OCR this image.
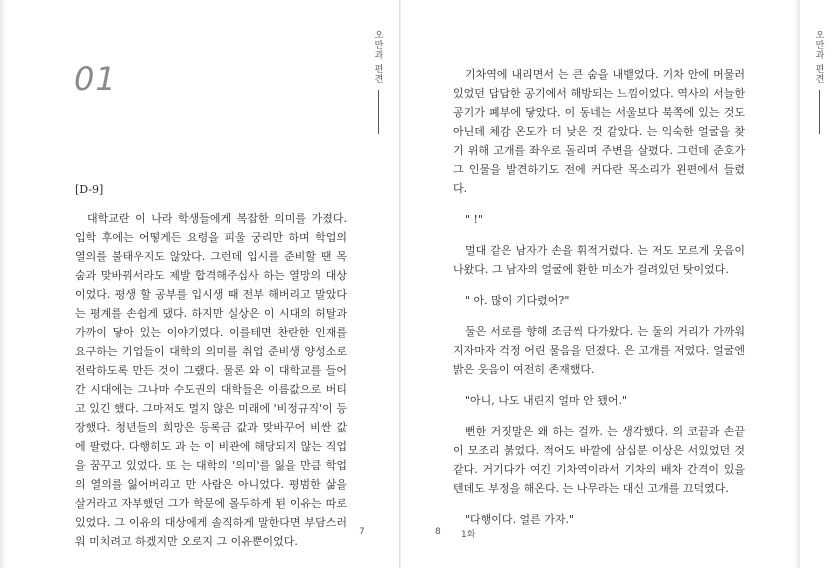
01	오만과 편견

[D-9]

대학교란 이 나라 학생들에게 복잡한 의미를 가졌다. 입학 후에는 어떻게든 요령을 피울 궁리만 하며 학업의 열의를 불태우지도 않았다. 그런데 입시를 준비할 땐 목숨과 맞바꿔서라도 제발 합격해주십사 하는 열망의 대상이었다. 평생 할 공부를 입시생 때 전부 해버리고 말았다는 평계를 손쉽게 댔다. 하지만 실상은 이 시대의 허탈과 가까이 닿아 있는 이야기였다. 이를테면 찬란한 인재를 요구하는 기업들이 대학의 의미를 취업 준비생 양성소로 전락하도록 만든 것이 그랬다. 물론 와 이 대학교를 들어간 시대에는 그나마 수도권의 대학들은 이름값으로 버티고 있긴 했다. 그마저도 멀지 않은 미래에 '비정규직'이 등장했다. 청년들의 희망은 등록금 값과 맞바꾸어 비싼 값에 팔렸다. 다행히도 과 는 이 비관에 해당되지 않는 직업을 꿈꾸고 있었다. 또 는 대학의 '의미'를 잃을 만큼 학업의 열의를 잃어버리고 만 사람은 아니었다. 평범한 삶을 살거라고 자부했던 그가 학문에 몰두하게 된 이유는 따로 있었다. 그 이유의 대상에게 솔직하게 말한다면 부담스러워 미치려고 하겠지만 오로지 그 이유뿐이었다.

7
오만과 편견

기차역에 내리면서 는 큰 숨을 내뱉었다. 기차 안에 머물러 있었던 답답한 공기에서 해방되는 느낌이었다. 역사의 서늘한 공기가 폐부에 닿았다. 이 동네는 서울보다 북쪽에 있는 것도 아닌데 체감 온도가 더 낮은 것 같았다. 는 익숙한 얼굴을 찾기 위해 고개를 좌우로 돌리며 주변을 살폈다. 그런데 준호가 그 인물을 발견하기도 전에 커다란 목소리가 왼편에서 들렸다.

" !"

멀대 같은 남자가 손을 휘적거렸다. 는 저도 모르게 웃음이 나왔다. 그 남자의 얼굴에 환한 미소가 걸려있던 탓이었다.

" 아. 많이 기다렸어?"

둘은 서로를 향해 조금씩 다가왔다. 는 둘의 거리가 가까워지자마자 걱정 어린 물음을 던졌다. 은 고개를 저었다. 얼굴엔 밝은 웃음이 여전히 존재했다.

"아니, 나도 내린지 얼마 안 됐어."

뻔한 거짓말은 왜 하는 걸까. 는 생각했다. 의 코끝과 손끝이 모조리 붉었다. 적어도 바깥에 삼십분 이상은 서있었던 것 같다. 거기다가 여긴 기차역이라서 기차의 배차 간격이 있을 텐데도 부정을 해온다. 는 나무라는 대신 고개를 끄덕였다.

"다행이다. 얼른 가자."

8 1화
